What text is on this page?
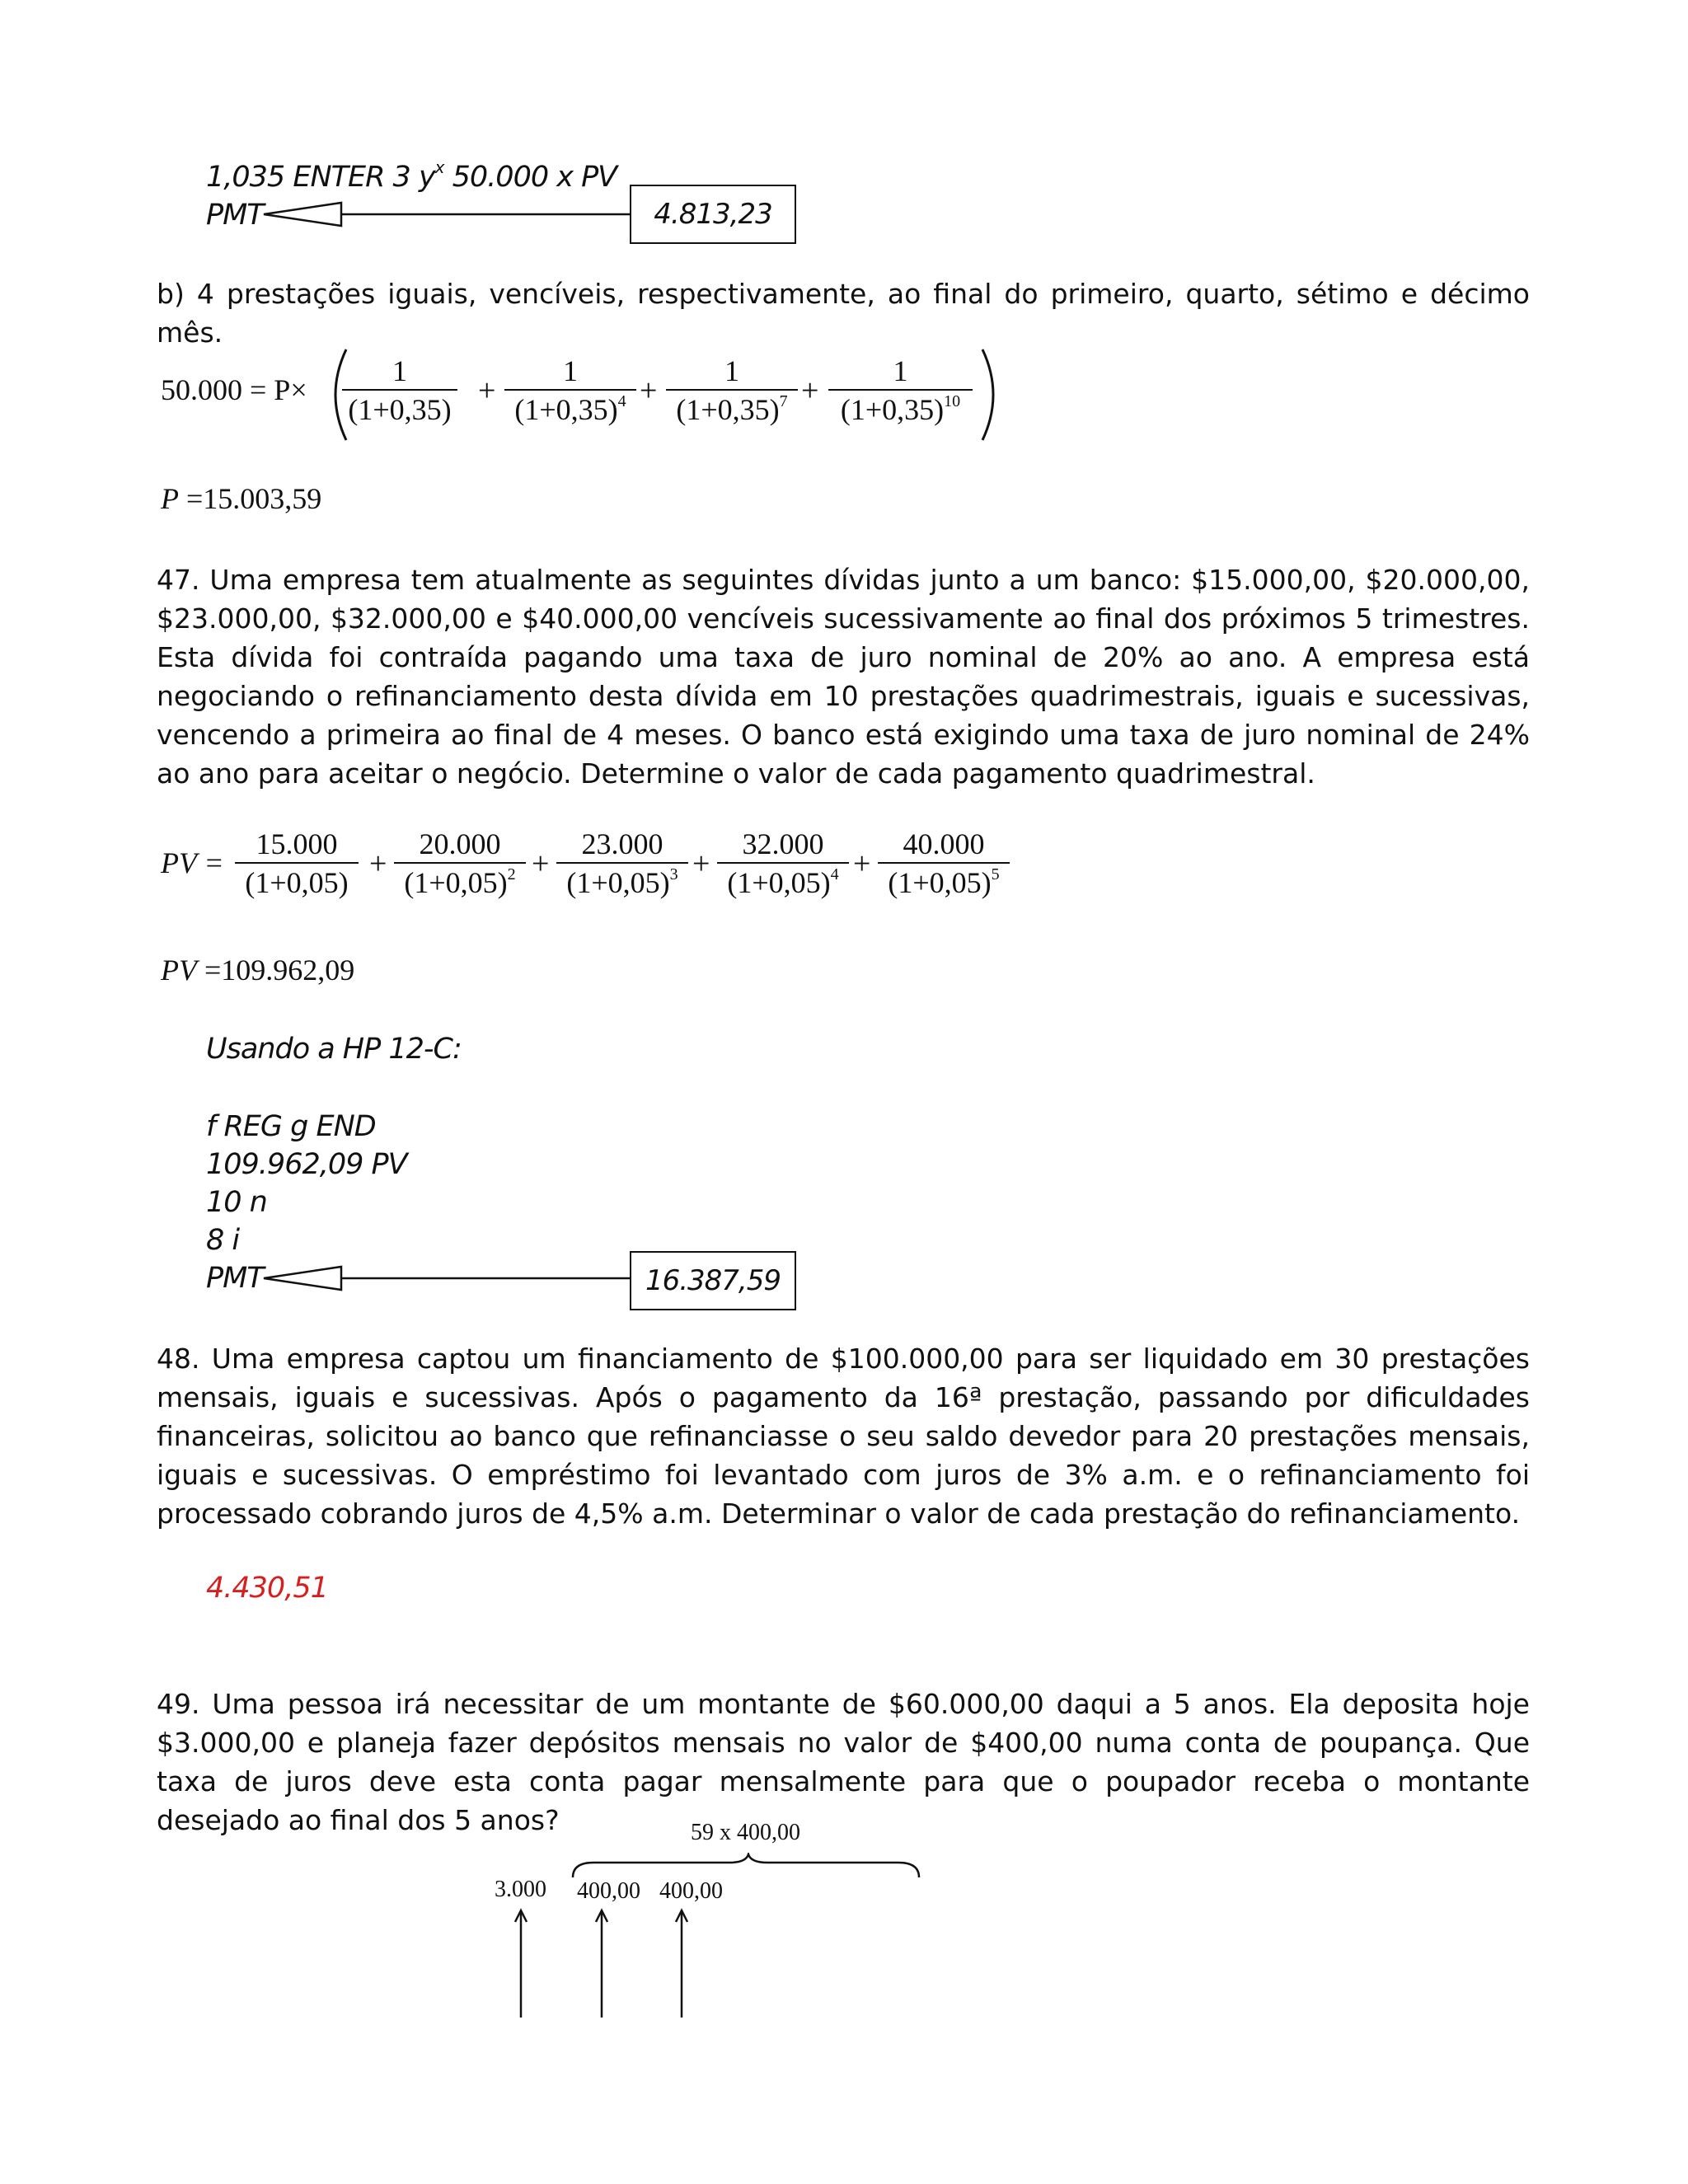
1,035 ENTER 3 $y^x$ 50.000 x PV
PMT	4.813,23
b) 4 prestações iguais, vencíveis, respectivamente, ao final do primeiro, quarto, sétimo e décimo mês.
50.000 = P×
1
(1+0,35)
+
1
$(1+0,35)^4$ +
1
$(1+0,35)^7$ +
1
$(1+0,35)^{10}$
P =15.003,59
47. Uma empresa tem atualmente as seguintes dívidas junto a um banco: $15.000,00, $20.000,00, $23.000,00, $32.000,00 e $40.000,00 vencíveis sucessivamente ao final dos próximos 5 trimestres. Esta dívida foi contraída pagando uma taxa de juro nominal de 20% ao ano. A empresa está negociando o refinanciamento desta dívida em 10 prestações quadrimestrais, iguais e sucessivas, vencendo a primeira ao final de 4 meses. O banco está exigindo uma taxa de juro nominal de 24% ao ano para aceitar o negócio. Determine o valor de cada pagamento quadrimestral.
PV =
15.000
(1+0,05)
+
20.000
$(1+0,05)^2$ +
23.000
$(1+0,05)^3$ +
32.000
$(1+0,05)^4$ +
40.000
$(1+0,05)^5$
PV =109.962,09
Usando a HP 12-C:
f REG g END
109.962,09 PV
10 n
8 i
PMT	16.387,59
48. Uma empresa captou um financiamento de $100.000,00 para ser liquidado em 30 prestações mensais, iguais e sucessivas. Após o pagamento da 16ª prestação, passando por dificuldades financeiras, solicitou ao banco que refinanciasse o seu saldo devedor para 20 prestações mensais, iguais e sucessivas. O empréstimo foi levantado com juros de 3% a.m. e o refinanciamento foi processado cobrando juros de 4,5% a.m. Determinar o valor de cada prestação do refinanciamento.
4.430,51
49. Uma pessoa irá necessitar de um montante de $60.000,00 daqui a 5 anos. Ela deposita hoje $3.000,00 e planeja fazer depósitos mensais no valor de $400,00 numa conta de poupança. Que taxa de juros deve esta conta pagar mensalmente para que o poupador receba o montante desejado ao final dos 5 anos?	59 x 400,00
3.000 400,00 400,00
